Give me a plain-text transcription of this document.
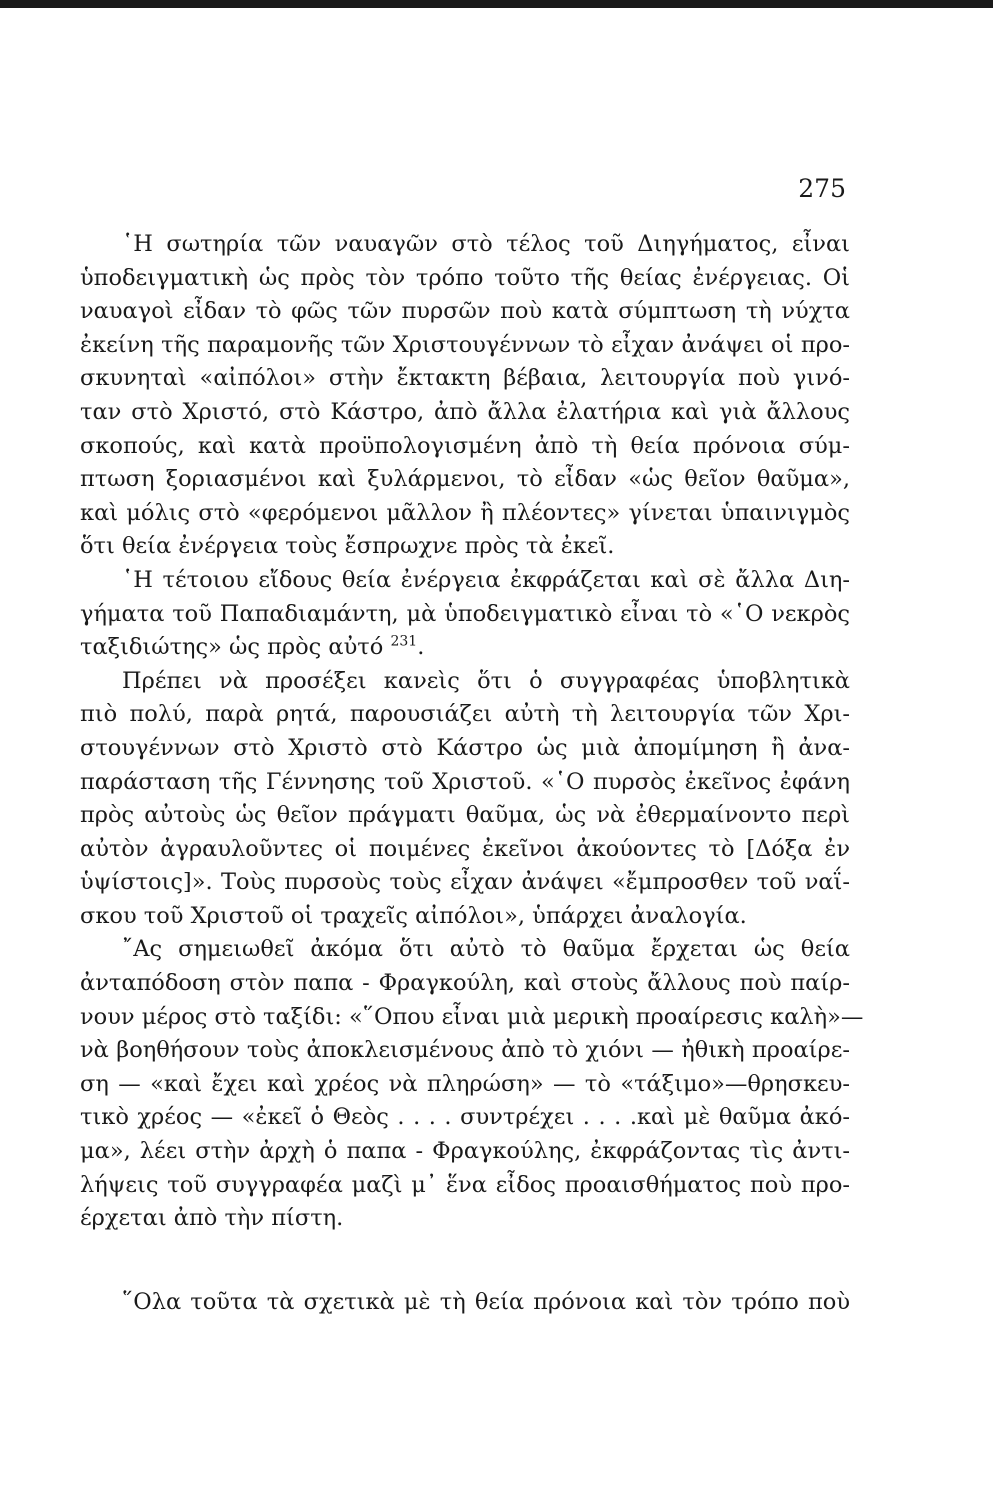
275
῾Η σωτηρία τῶν ναυαγῶν στὸ τέλος τοῦ Διηγήματος, εἶναι
ὑποδειγματικὴ ὡς πρὸς τὸν τρόπο τοῦτο τῆς θείας ἐνέργειας. Οἱ
ναυαγοὶ εἶδαν τὸ φῶς τῶν πυρσῶν ποὺ κατὰ σύμπτωση τὴ νύχτα
ἐκείνη τῆς παραμονῆς τῶν Χριστουγέννων τὸ εἶχαν ἀνάψει οἱ προ-
σκυνηταὶ «αἰπόλοι» στὴν ἔκτακτη βέβαια, λειτουργία ποὺ γινό-
ταν στὸ Χριστό, στὸ Κάστρο, ἀπὸ ἄλλα ἐλατήρια καὶ γιὰ ἄλλους
σκοπούς, καὶ κατὰ προϋπολογισμένη ἀπὸ τὴ θεία πρόνοια σύμ-
πτωση ξοριασμένοι καὶ ξυλάρμενοι, τὸ εἶδαν «ὡς θεῖον θαῦμα»,
καὶ μόλις στὸ «φερόμενοι μᾶλλον ἢ πλέοντες» γίνεται ὑπαινιγμὸς
ὅτι θεία ἐνέργεια τοὺς ἔσπρωχνε πρὸς τὰ ἐκεῖ.
῾Η τέτοιου εἴδους θεία ἐνέργεια ἐκφράζεται καὶ σὲ ἄλλα Διη-
γήματα τοῦ Παπαδιαμάντη, μὰ ὑποδειγματικὸ εἶναι τὸ «῾Ο νεκρὸς
ταξιδιώτης» ὡς πρὸς αὐτό $^{231}$.
Πρέπει νὰ προσέξει κανεὶς ὅτι ὁ συγγραφέας ὑποβλητικὰ
πιὸ πολύ, παρὰ ρητά, παρουσιάζει αὐτὴ τὴ λειτουργία τῶν Χρι-
στουγέννων στὸ Χριστὸ στὸ Κάστρο ὡς μιὰ ἀπομίμηση ἢ ἀνα-
παράσταση τῆς Γέννησης τοῦ Χριστοῦ. «῾Ο πυρσὸς ἐκεῖνος ἐφάνη
πρὸς αὐτοὺς ὡς θεῖον πράγματι θαῦμα, ὡς νὰ ἐθερμαίνοντο περὶ
αὐτὸν ἀγραυλοῦντες οἱ ποιμένες ἐκεῖνοι ἀκούοντες τὸ [Δόξα ἐν
ὑψίστοις]». Τοὺς πυρσοὺς τοὺς εἶχαν ἀνάψει «ἔμπροσθεν τοῦ ναΐ-
σκου τοῦ Χριστοῦ οἱ τραχεῖς αἰπόλοι», ὑπάρχει ἀναλογία.
῎Ας σημειωθεῖ ἀκόμα ὅτι αὐτὸ τὸ θαῦμα ἔρχεται ὡς θεία
ἀνταπόδοση στὸν παπα - Φραγκούλη, καὶ στοὺς ἄλλους ποὺ παίρ-
νουν μέρος στὸ ταξίδι: «῞Οπου εἶναι μιὰ μερικὴ προαίρεσις καλὴ»—
νὰ βοηθήσουν τοὺς ἀποκλεισμένους ἀπὸ τὸ χιόνι — ἠθικὴ προαίρε-
ση — «καὶ ἔχει καὶ χρέος νὰ πληρώση» — τὸ «τάξιμο»—θρησκευ-
τικὸ χρέος — «ἐκεῖ ὁ Θεὸς . . . . συντρέχει . . . .καὶ μὲ θαῦμα ἀκό-
μα», λέει στὴν ἀρχὴ ὁ παπα - Φραγκούλης, ἐκφράζοντας τὶς ἀντι-
λήψεις τοῦ συγγραφέα μαζὶ μ᾽ ἕνα εἶδος προαισθήματος ποὺ προ-
έρχεται ἀπὸ τὴν πίστη.
῞Ολα τοῦτα τὰ σχετικὰ μὲ τὴ θεία πρόνοια καὶ τὸν τρόπο ποὺ
